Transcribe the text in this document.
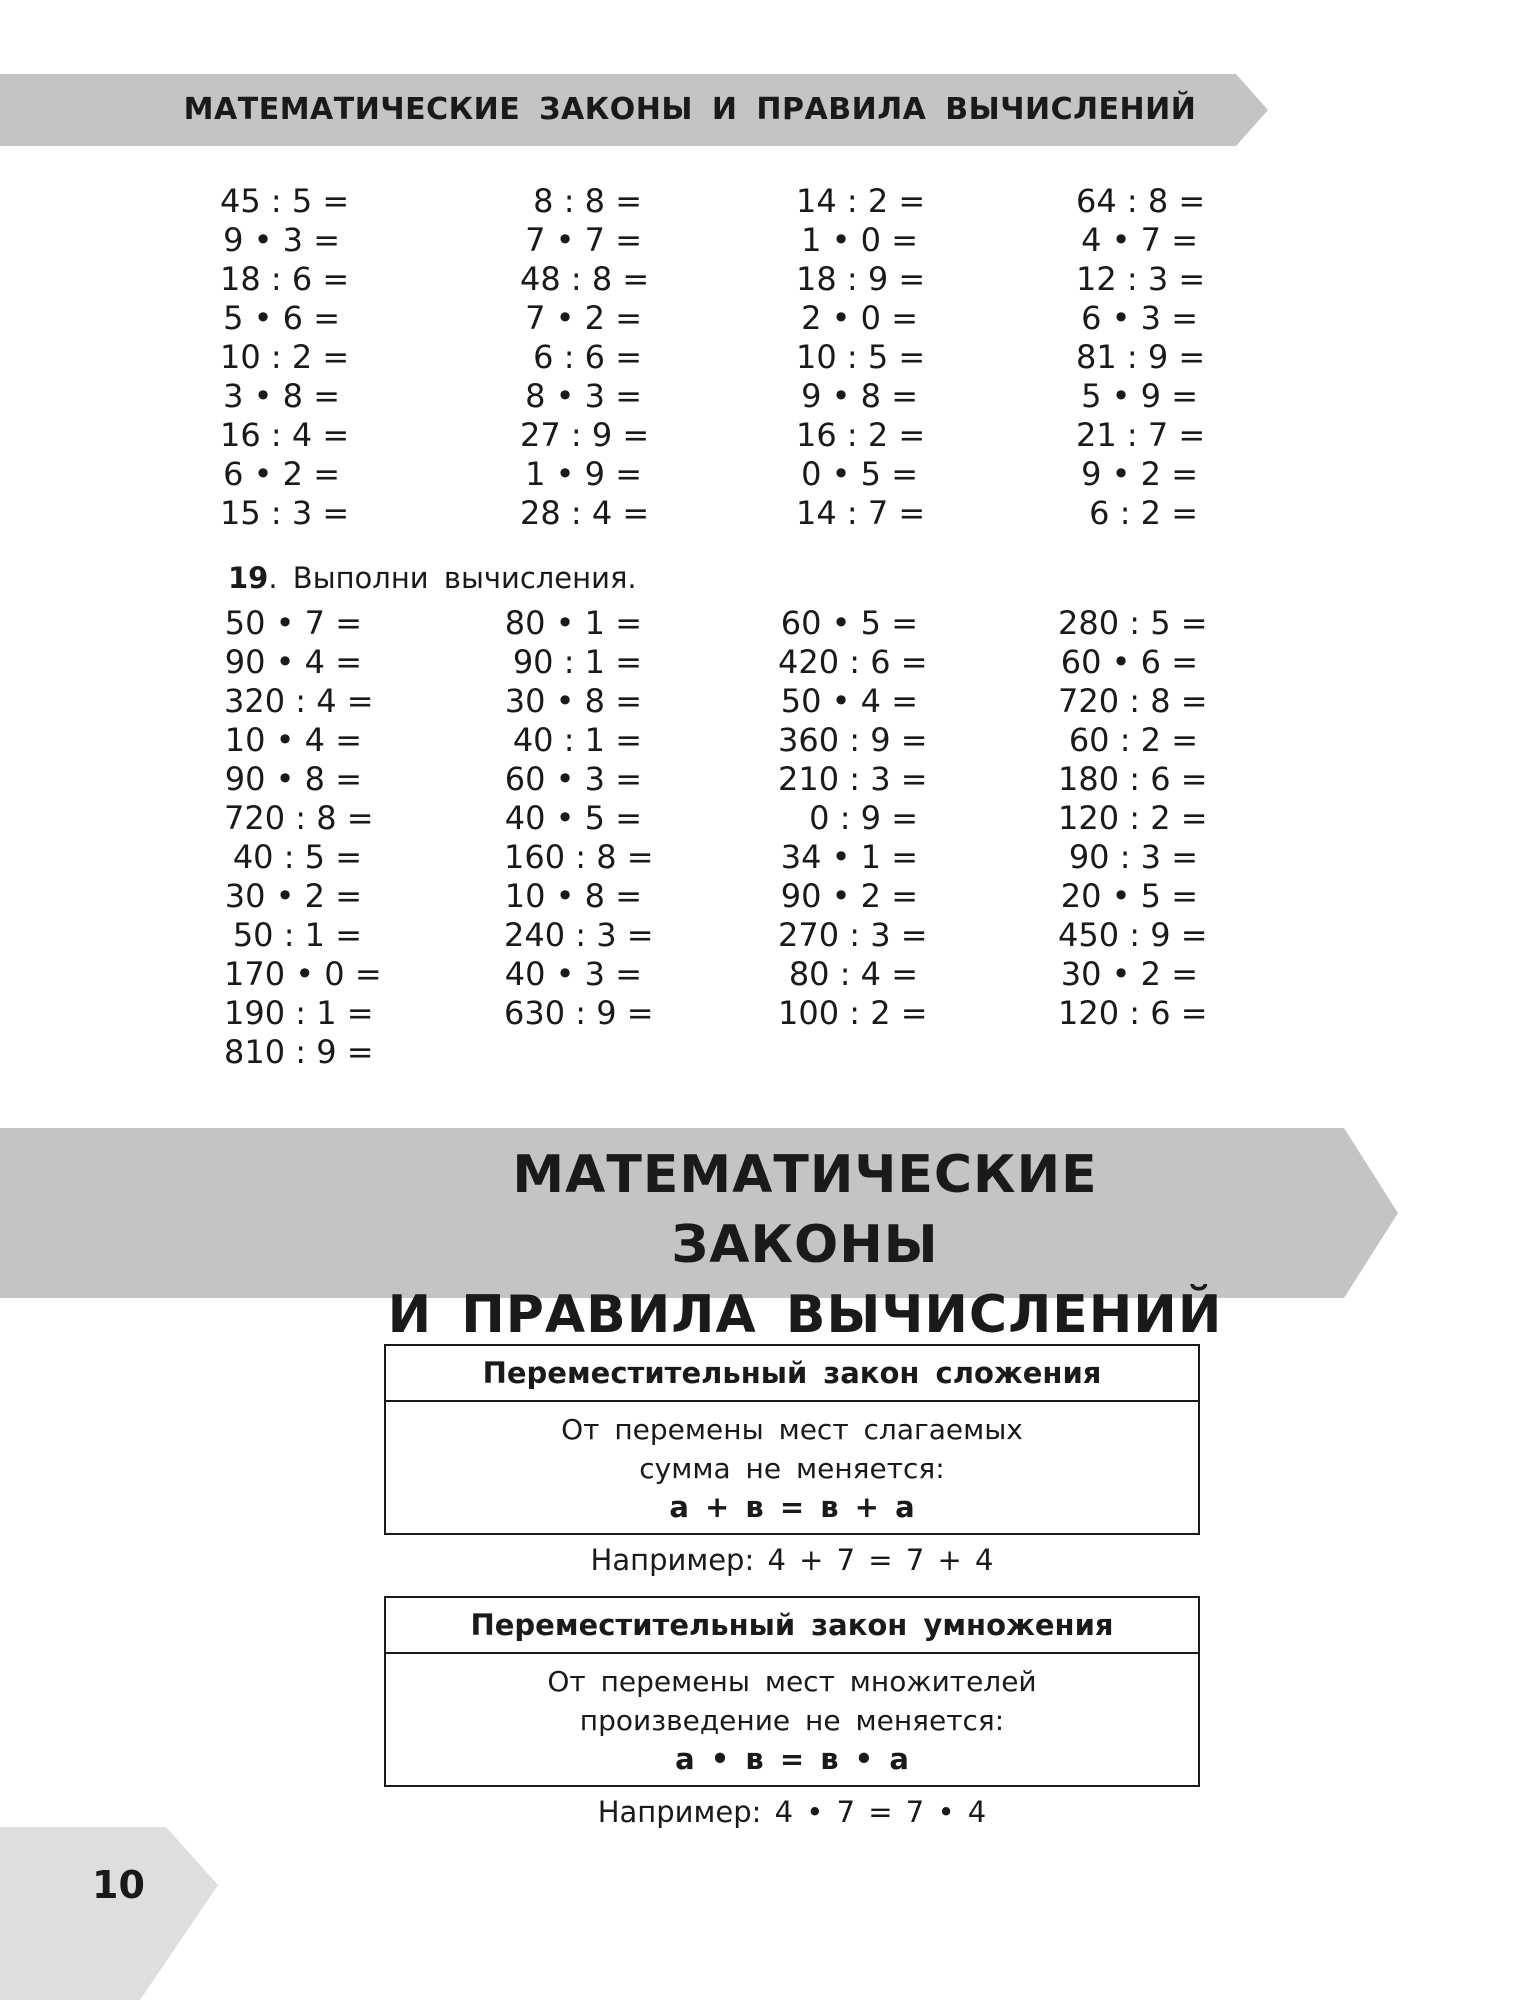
МАТЕМАТИЧЕСКИЕ ЗАКОНЫ И ПРАВИЛА ВЫЧИСЛЕНИЙ
45 : 5 =
9 • 3 =
18 : 6 =
5 • 6 =
10 : 2 =
3 • 8 =
16 : 4 =
6 • 2 =
15 : 3 =
8 : 8 =
7 • 7 =
48 : 8 =
7 • 2 =
6 : 6 =
8 • 3 =
27 : 9 =
1 • 9 =
28 : 4 =
14 : 2 =
1 • 0 =
18 : 9 =
2 • 0 =
10 : 5 =
9 • 8 =
16 : 2 =
0 • 5 =
14 : 7 =
64 : 8 =
4 • 7 =
12 : 3 =
6 • 3 =
81 : 9 =
5 • 9 =
21 : 7 =
9 • 2 =
6 : 2 =
19. Выполни вычисления.
50 • 7 =
90 • 4 =
320 : 4 =
10 • 4 =
90 • 8 =
720 : 8 =
40 : 5 =
30 • 2 =
50 : 1 =
170 • 0 =
190 : 1 =
810 : 9 =
80 • 1 =
90 : 1 =
30 • 8 =
40 : 1 =
60 • 3 =
40 • 5 =
160 : 8 =
10 • 8 =
240 : 3 =
40 • 3 =
630 : 9 =
60 • 5 =
420 : 6 =
50 • 4 =
360 : 9 =
210 : 3 =
0 : 9 =
34 • 1 =
90 • 2 =
270 : 3 =
80 : 4 =
100 : 2 =
280 : 5 =
60 • 6 =
720 : 8 =
60 : 2 =
180 : 6 =
120 : 2 =
90 : 3 =
20 • 5 =
450 : 9 =
30 • 2 =
120 : 6 =
МАТЕМАТИЧЕСКИЕ ЗАКОНЫ
И ПРАВИЛА ВЫЧИСЛЕНИЙ
Переместительный закон сложения
От перемены мест слагаемых
сумма не меняется:
а + в = в + а
Например: 4 + 7 = 7 + 4
Переместительный закон умножения
От перемены мест множителей
произведение не меняется:
а • в = в • а
Например: 4 • 7 = 7 • 4
10
